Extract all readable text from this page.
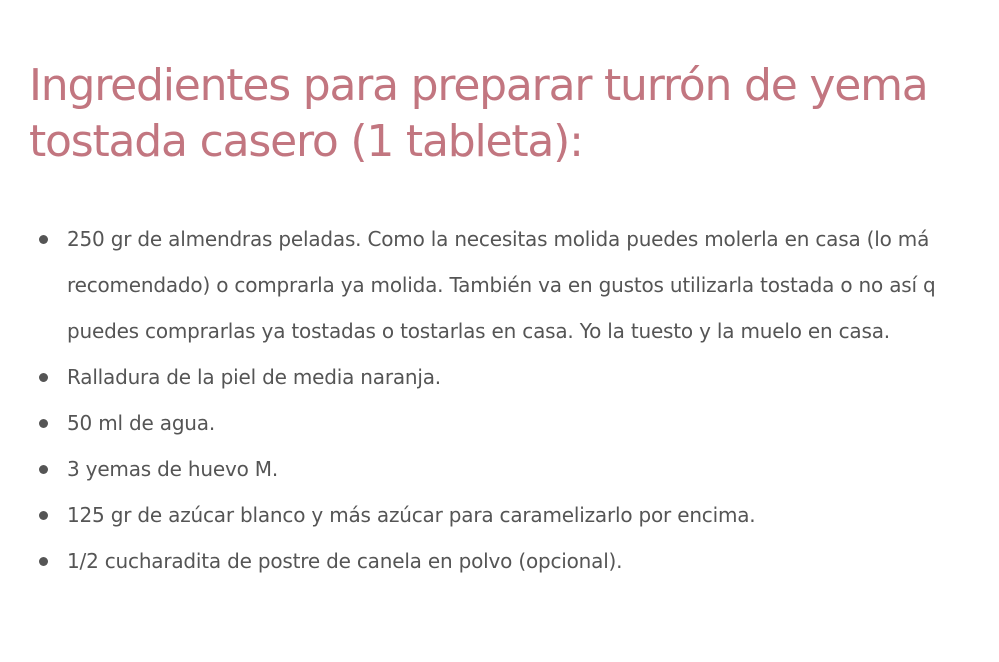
Ingredientes para preparar turrón de yema
tostada casero (1 tableta):
250 gr de almendras peladas. Como la necesitas molida puedes molerla en casa (lo má
recomendado) o comprarla ya molida. También va en gustos utilizarla tostada o no así q
puedes comprarlas ya tostadas o tostarlas en casa. Yo la tuesto y la muelo en casa.
Ralladura de la piel de media naranja.
50 ml de agua.
3 yemas de huevo M.
125 gr de azúcar blanco y más azúcar para caramelizarlo por encima.
1/2 cucharadita de postre de canela en polvo (opcional).
